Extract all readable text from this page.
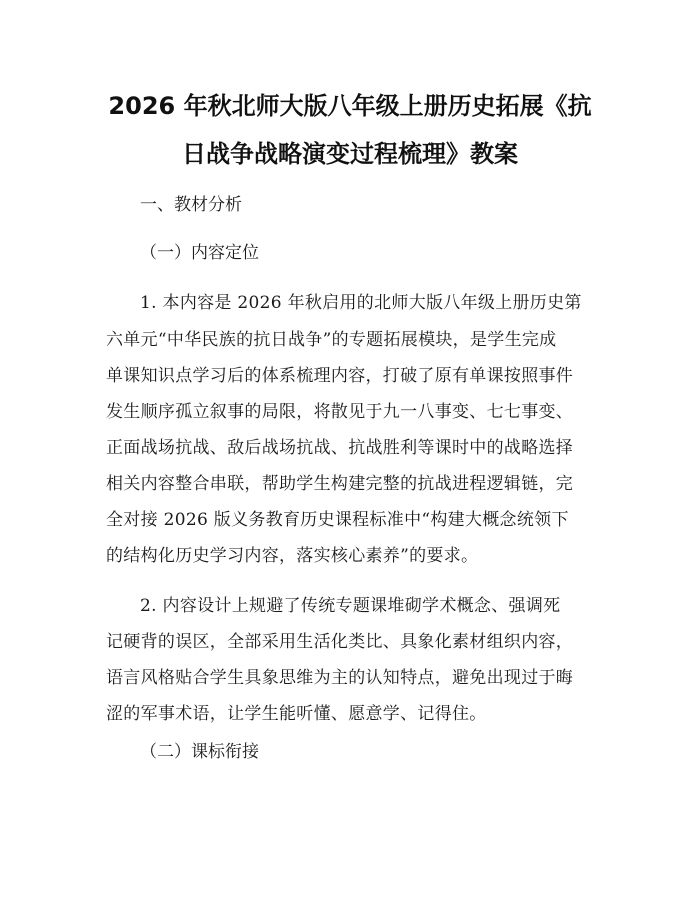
2026 年秋北师大版八年级上册历史拓展《抗
日战争战略演变过程梳理》教案
一、教材分析
（一）内容定位
1. 本内容是 2026 年秋启用的北师大版八年级上册历史第
六单元“中华民族的抗日战争”的专题拓展模块，是学生完成
单课知识点学习后的体系梳理内容，打破了原有单课按照事件
发生顺序孤立叙事的局限，将散见于九一八事变、七七事变、
正面战场抗战、敌后战场抗战、抗战胜利等课时中的战略选择
相关内容整合串联，帮助学生构建完整的抗战进程逻辑链，完
全对接 2026 版义务教育历史课程标准中“构建大概念统领下
的结构化历史学习内容，落实核心素养”的要求。
2. 内容设计上规避了传统专题课堆砌学术概念、强调死
记硬背的误区，全部采用生活化类比、具象化素材组织内容，
语言风格贴合学生具象思维为主的认知特点，避免出现过于晦
涩的军事术语，让学生能听懂、愿意学、记得住。
（二）课标衔接
